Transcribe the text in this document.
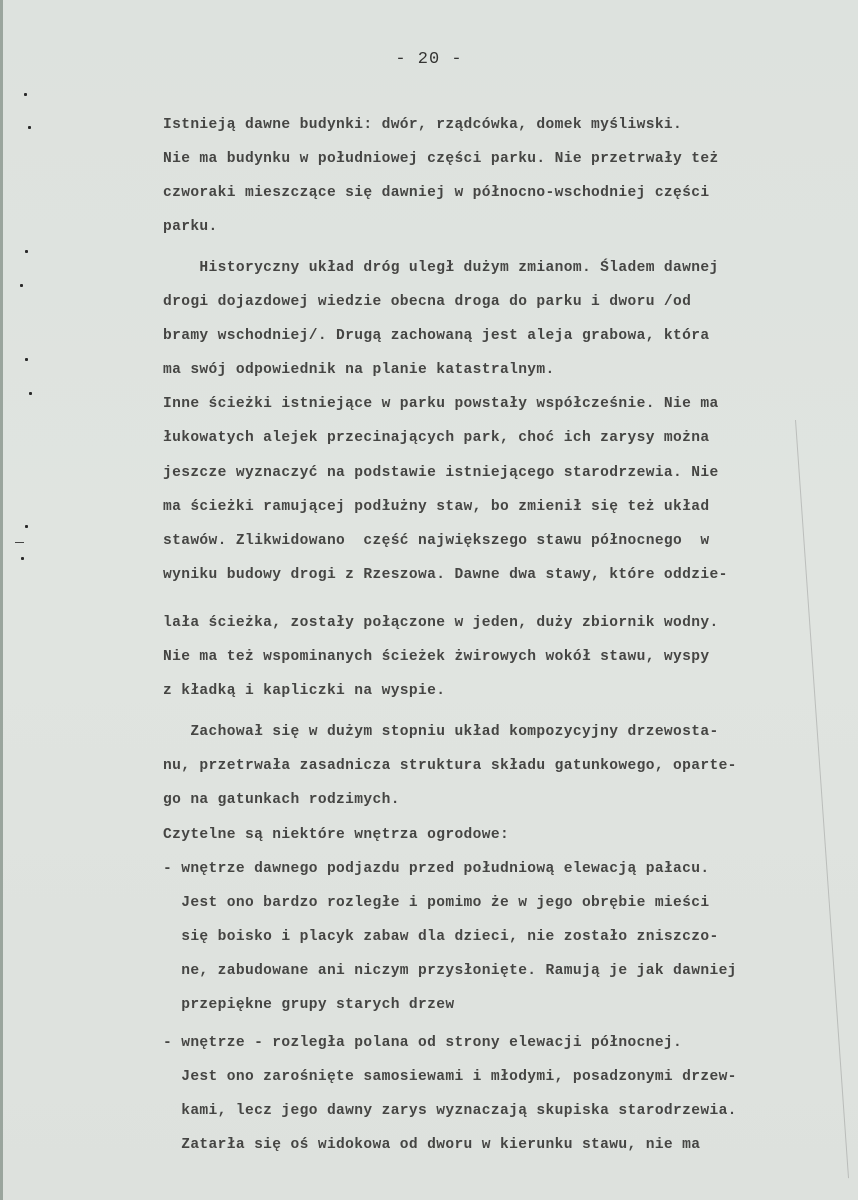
- 20 -
Istnieją dawne budynki: dwór, rządcówka, domek myśliwski.
Nie ma budynku w południowej części parku. Nie przetrwały też
czworaki mieszczące się dawniej w północno-wschodniej części
parku.
Historyczny układ dróg uległ dużym zmianom. Śladem dawnej
drogi dojazdowej wiedzie obecna droga do parku i dworu /od
bramy wschodniej/. Drugą zachowaną jest aleja grabowa, która
ma swój odpowiednik na planie katastralnym.
Inne ścieżki istniejące w parku powstały współcześnie. Nie ma
łukowatych alejek przecinających park, choć ich zarysy można
jeszcze wyznaczyć na podstawie istniejącego starodrzewia. Nie
ma ścieżki ramującej podłużny staw, bo zmienił się też układ
stawów. Zlikwidowano  część największego stawu północnego  w
wyniku budowy drogi z Rzeszowa. Dawne dwa stawy, które oddzie-
lała ścieżka, zostały połączone w jeden, duży zbiornik wodny.
Nie ma też wspominanych ścieżek żwirowych wokół stawu, wyspy
z kładką i kapliczki na wyspie.
Zachował się w dużym stopniu układ kompozycyjny drzewosta-
nu, przetrwała zasadnicza struktura składu gatunkowego, oparte-
go na gatunkach rodzimych.
Czytelne są niektóre wnętrza ogrodowe:
- wnętrze dawnego podjazdu przed południową elewacją pałacu.
Jest ono bardzo rozległe i pomimo że w jego obrębie mieści
się boisko i placyk zabaw dla dzieci, nie zostało zniszczo-
ne, zabudowane ani niczym przysłonięte. Ramują je jak dawniej
przepiękne grupy starych drzew
- wnętrze - rozległa polana od strony elewacji północnej.
Jest ono zarośnięte samosiewami i młodymi, posadzonymi drzew-
kami, lecz jego dawny zarys wyznaczają skupiska starodrzewia.
Zatarła się oś widokowa od dworu w kierunku stawu, nie ma
